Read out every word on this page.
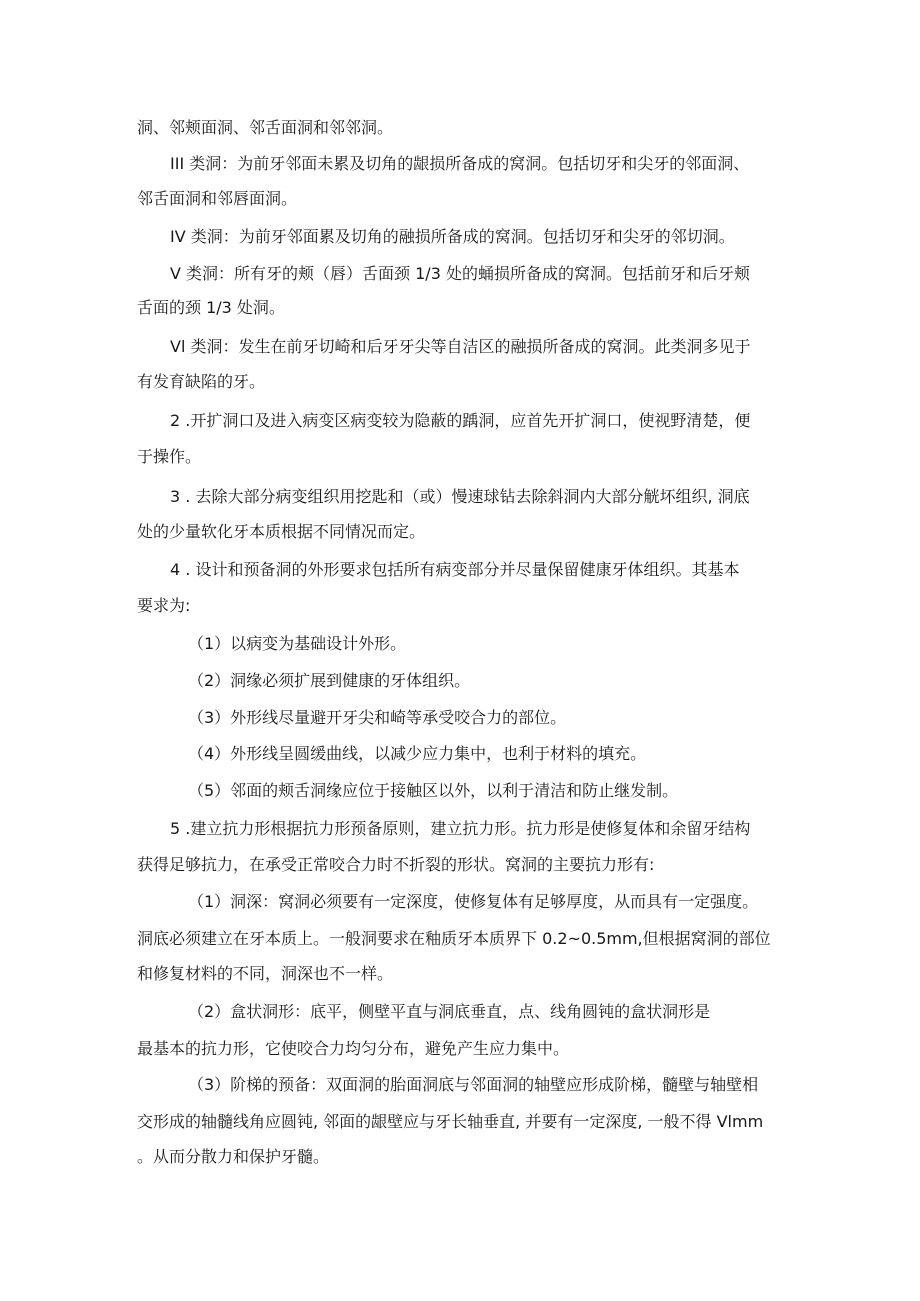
洞、邻颊面洞、邻舌面洞和邻邻洞。
III 类洞：为前牙邻面未累及切角的龈损所备成的窝洞。包括切牙和尖牙的邻面洞、
邻舌面洞和邻唇面洞。
IV 类洞：为前牙邻面累及切角的融损所备成的窝洞。包括切牙和尖牙的邻切洞。
V 类洞：所有牙的颊（唇）舌面颈 1/3 处的蛹损所备成的窝洞。包括前牙和后牙颊
舌面的颈 1/3 处洞。
Vl 类洞：发生在前牙切崎和后牙牙尖等自洁区的融损所备成的窝洞。此类洞多见于
有发育缺陷的牙。
2 .开扩洞口及进入病变区病变较为隐蔽的踽洞，应首先开扩洞口，使视野清楚，便
于操作。
3 . 去除大部分病变组织用挖匙和（或）慢速球钻去除斜洞内大部分觥坏组织, 洞底
处的少量软化牙本质根据不同情况而定。
4 . 设计和预备洞的外形要求包括所有病变部分并尽量保留健康牙体组织。其基本
要求为:
（1）以病变为基础设计外形。
（2）洞缘必须扩展到健康的牙体组织。
（3）外形线尽量避开牙尖和崎等承受咬合力的部位。
（4）外形线呈圆缓曲线，以减少应力集中，也利于材料的填充。
（5）邻面的颊舌洞缘应位于接触区以外，以利于清洁和防止继发制。
5 .建立抗力形根据抗力形预备原则，建立抗力形。抗力形是使修复体和余留牙结构
获得足够抗力，在承受正常咬合力时不折裂的形状。窝洞的主要抗力形有:
（1）洞深：窝洞必须要有一定深度，使修复体有足够厚度，从而具有一定强度。
洞底必须建立在牙本质上。一般洞要求在釉质牙本质界下 0.2~0.5mm,但根据窝洞的部位
和修复材料的不同，洞深也不一样。
（2）盒状洞形：底平，侧壁平直与洞底垂直，点、线角圆钝的盒状洞形是
最基本的抗力形，它使咬合力均匀分布，避免产生应力集中。
（3）阶梯的预备：双面洞的胎面洞底与邻面洞的轴壁应形成阶梯，髓壁与轴壁相
交形成的轴髓线角应圆钝, 邻面的龈壁应与牙长轴垂直, 并要有一定深度, 一般不得 Vlmm
。从而分散力和保护牙髓。
